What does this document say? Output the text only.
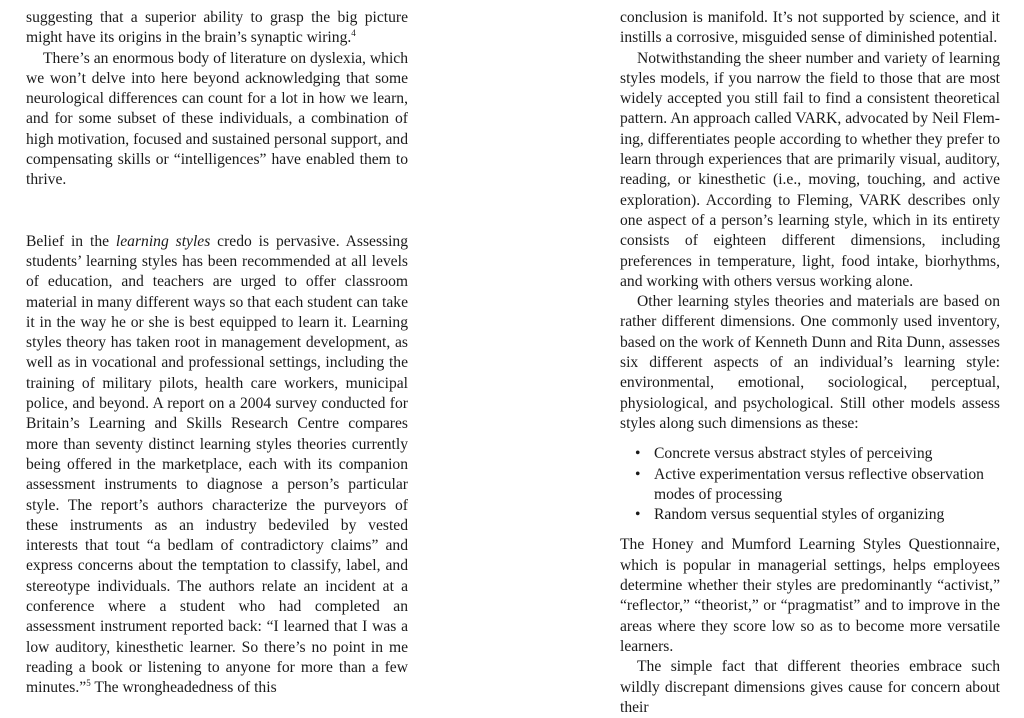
suggesting that a superior ability to grasp the big picture might have its origins in the brain’s synaptic wiring.$^4$

There’s an enormous body of literature on dyslexia, which we won’t delve into here beyond acknowledging that some neurological differences can count for a lot in how we learn, and for some subset of these individuals, a combination of high motivation, focused and sustained personal support, and compensating skills or “intelligences” have enabled them to thrive.

Belief in the learning styles credo is pervasive. Assessing students’ learning styles has been recommended at all levels of education, and teachers are urged to offer classroom material in many different ways so that each student can take it in the way he or she is best equipped to learn it. Learning styles theory has taken root in management development, as well as in vocational and professional settings, including the training of military pilots, health care workers, municipal police, and beyond. A report on a 2004 survey conducted for Britain’s Learning and Skills Research Centre compares more than seventy distinct learning styles theories currently being offered in the marketplace, each with its companion assessment instruments to diagnose a person’s particular style. The report’s authors characterize the purveyors of these instruments as an industry bedeviled by vested interests that tout “a bedlam of contradictory claims” and express concerns about the temptation to classify, label, and stereotype individuals. The authors relate an incident at a conference where a student who had completed an assessment instrument reported back: “I learned that I was a low auditory, kinesthetic learner. So there’s no point in me reading a book or listening to anyone for more than a few minutes.”$^5$ The wrongheadedness of this

conclusion is manifold. It’s not supported by science, and it instills a corrosive, misguided sense of diminished potential.

Notwithstanding the sheer number and variety of learning styles models, if you narrow the field to those that are most widely accepted you still fail to find a consistent theoretical pattern. An approach called VARK, advocated by Neil Fleming, differentiates people according to whether they prefer to learn through experiences that are primarily visual, auditory, reading, or kinesthetic (i.e., moving, touching, and active exploration). According to Fleming, VARK describes only one aspect of a person’s learning style, which in its entirety consists of eighteen different dimensions, including preferences in temperature, light, food intake, biorhythms, and working with others versus working alone.

Other learning styles theories and materials are based on rather different dimensions. One commonly used inventory, based on the work of Kenneth Dunn and Rita Dunn, assesses six different aspects of an individual’s learning style: environmental, emotional, sociological, perceptual, physiological, and psychological. Still other models assess styles along such dimensions as these:

• Concrete versus abstract styles of perceiving
• Active experimentation versus reflective observation modes of processing
• Random versus sequential styles of organizing

The Honey and Mumford Learning Styles Questionnaire, which is popular in managerial settings, helps employees determine whether their styles are predominantly “activist,” “reflector,” “theorist,” or “pragmatist” and to improve in the areas where they score low so as to become more versatile learners.

The simple fact that different theories embrace such wildly discrepant dimensions gives cause for concern about their
